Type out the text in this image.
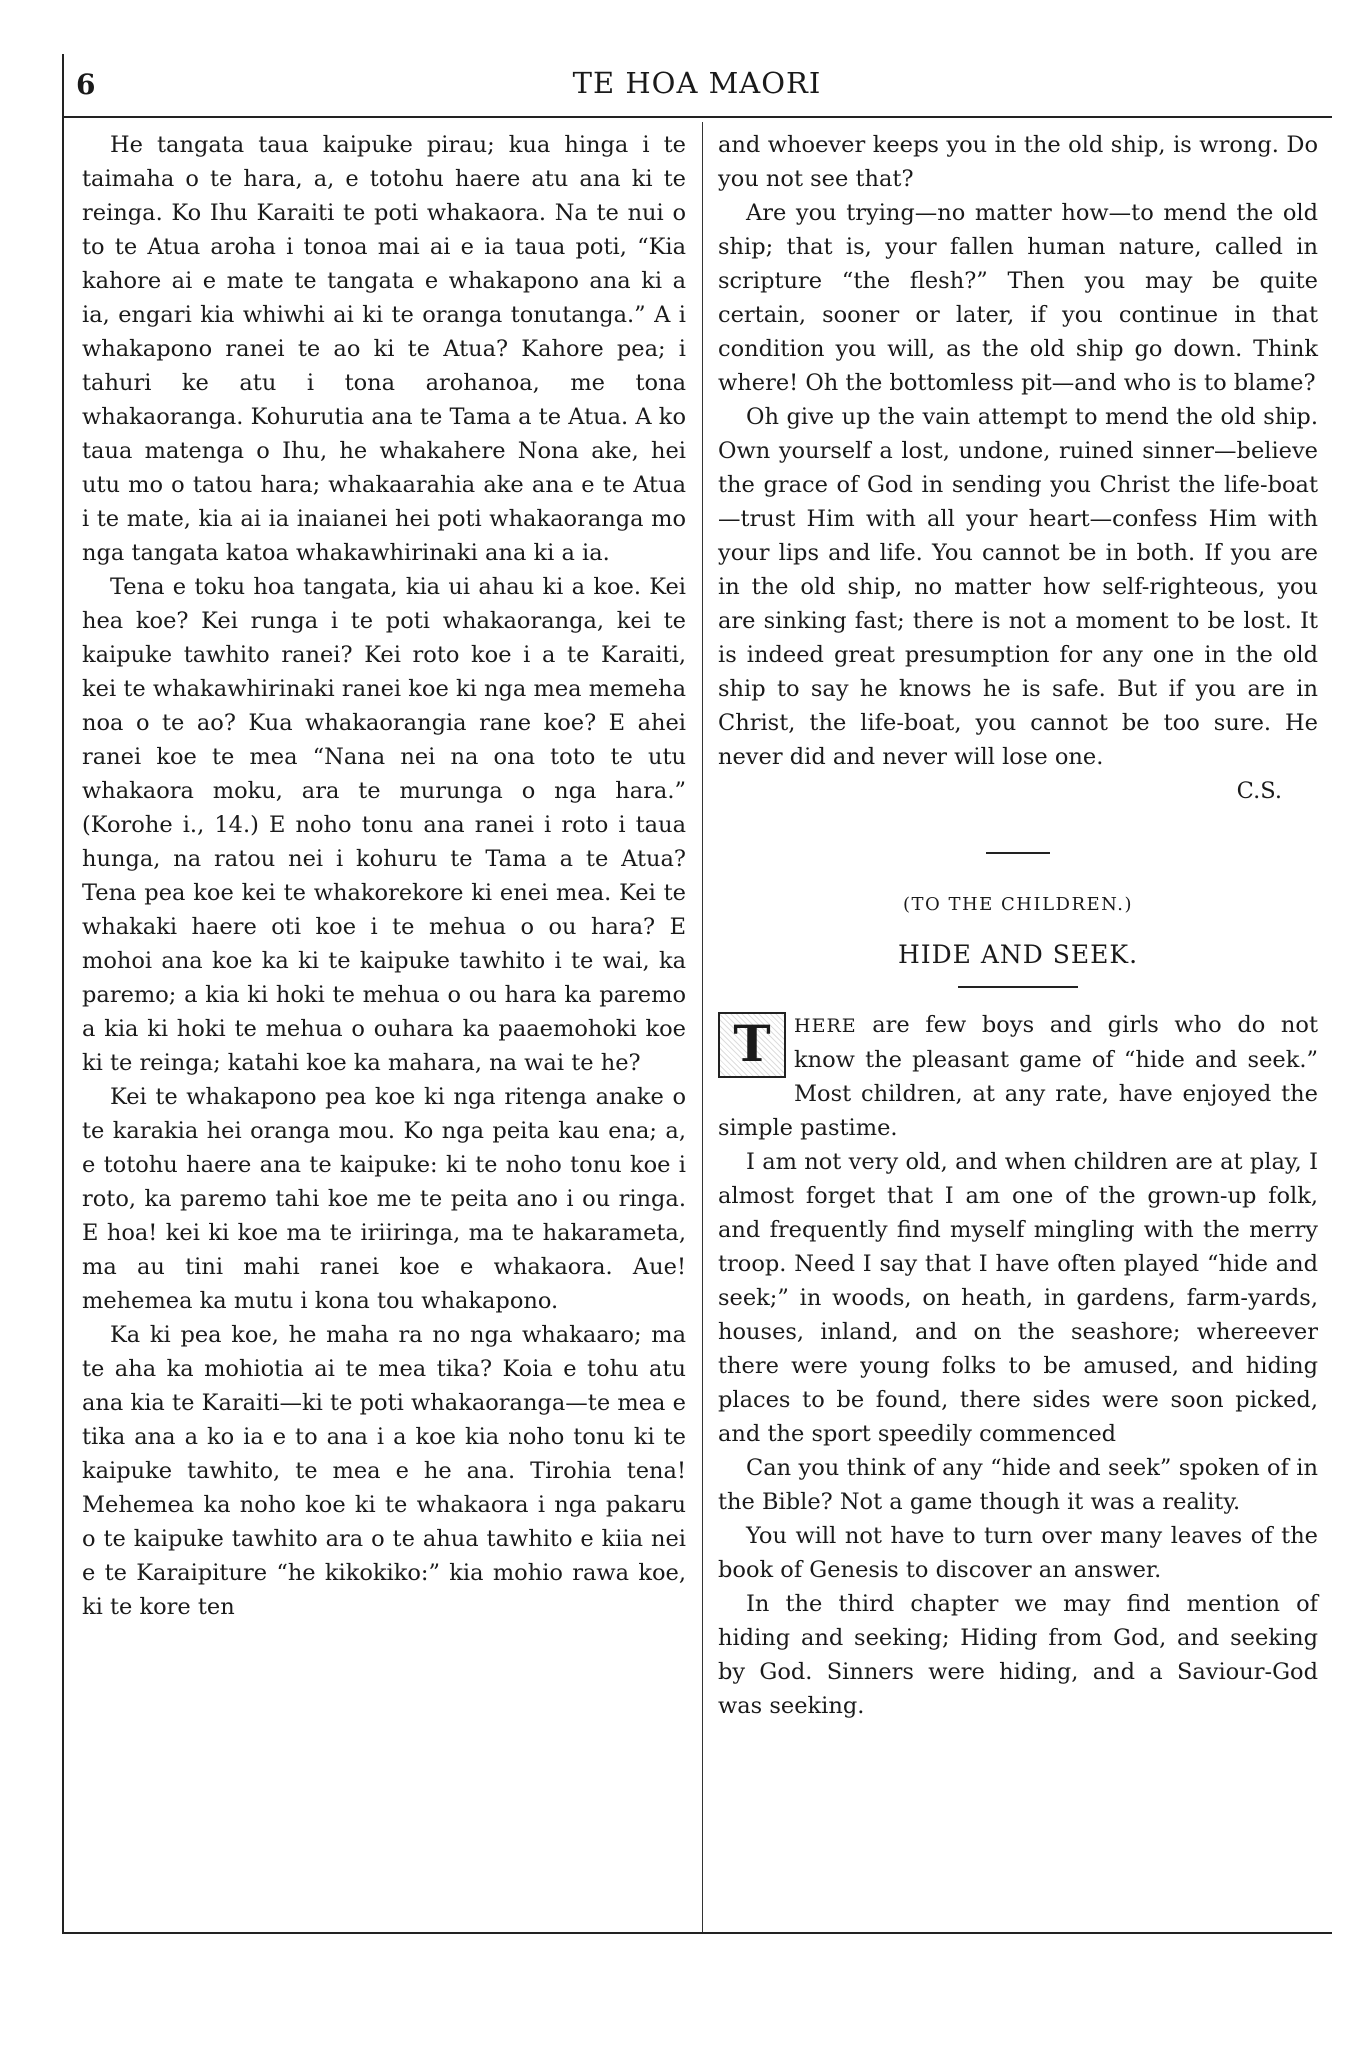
6	TE HOA MAORI

He tangata taua kaipuke pirau; kua hinga i te taimaha o te hara, a, e totohu haere atu ana ki te reinga. Ko Ihu Karaiti te poti whakaora. Na te nui o to te Atua aroha i tonoa mai ai e ia taua poti, “Kia kahore ai e mate te tangata e whakapono ana ki a ia, engari kia whiwhi ai ki te oranga tonutanga.” A i whakapono ranei te ao ki te Atua? Kahore pea; i tahuri ke atu i tona arohanoa, me tona whakaoranga. Kohurutia ana te Tama a te Atua. A ko taua matenga o Ihu, he whakahere Nona ake, hei utu mo o tatou hara; whakaarahia ake ana e te Atua i te mate, kia ai ia inaianei hei poti whakaoranga mo nga tangata katoa whakawhirinaki ana ki a ia.

Tena e toku hoa tangata, kia ui ahau ki a koe. Kei hea koe? Kei runga i te poti whakaoranga, kei te kaipuke tawhito ranei? Kei roto koe i a te Karaiti, kei te whakawhirinaki ranei koe ki nga mea memeha noa o te ao? Kua whakaorangia rane koe? E ahei ranei koe te mea “Nana nei na ona toto te utu whakaora moku, ara te murunga o nga hara.” (Korohe i., 14.) E noho tonu ana ranei i roto i taua hunga, na ratou nei i kohuru te Tama a te Atua? Tena pea koe kei te whakorekore ki enei mea. Kei te whakaki haere oti koe i te mehua o ou hara? E mohoi ana koe ka ki te kaipuke tawhito i te wai, ka paremo; a kia ki hoki te mehua o ou hara ka paremo a kia ki hoki te mehua o ouhara ka paaemohoki koe ki te reinga; katahi koe ka mahara, na wai te he?

Kei te whakapono pea koe ki nga ritenga anake o te karakia hei oranga mou. Ko nga peita kau ena; a, e totohu haere ana te kaipuke: ki te noho tonu koe i roto, ka paremo tahi koe me te peita ano i ou ringa. E hoa! kei ki koe ma te iriiringa, ma te hakarameta, ma au tini mahi ranei koe e whakaora. Aue! mehemea ka mutu i kona tou whakapono.

Ka ki pea koe, he maha ra no nga whakaaro; ma te aha ka mohiotia ai te mea tika? Koia e tohu atu ana kia te Karaiti—ki te poti whakaoranga—te mea e tika ana a ko ia e to ana i a koe kia noho tonu ki te kaipuke tawhito, te mea e he ana. Tirohia tena! Mehemea ka noho koe ki te whakaora i nga pakaru o te kaipuke tawhito ara o te ahua tawhito e kiia nei e te Karaipiture “he kikokiko:” kia mohio rawa koe, ki te kore ten

and whoever keeps you in the old ship, is wrong. Do you not see that?

Are you trying—no matter how—to mend the old ship; that is, your fallen human nature, called in scripture “the flesh?” Then you may be quite certain, sooner or later, if you continue in that condition you will, as the old ship go down. Think where! Oh the bottomless pit—and who is to blame?

Oh give up the vain attempt to mend the old ship. Own yourself a lost, undone, ruined sinner—believe the grace of God in sending you Christ the life-boat—trust Him with all your heart—confess Him with your lips and life. You cannot be in both. If you are in the old ship, no matter how self-righteous, you are sinking fast; there is not a moment to be lost. It is indeed great presumption for any one in the old ship to say he knows he is safe. But if you are in Christ, the life-boat, you cannot be too sure. He never did and never will lose one.

C.S.

(TO THE CHILDREN.)

HIDE AND SEEK.

T	HERE are few boys and girls who do not know the pleasant game of “hide and seek.” Most children, at any rate, have enjoyed the simple pastime.

I am not very old, and when children are at play, I almost forget that I am one of the grown-up folk, and frequently find myself mingling with the merry troop. Need I say that I have often played “hide and seek;” in woods, on heath, in gardens, farm-yards, houses, inland, and on the seashore; whereever there were young folks to be amused, and hiding places to be found, there sides were soon picked, and the sport speedily commenced

Can you think of any “hide and seek” spoken of in the Bible? Not a game though it was a reality.

You will not have to turn over many leaves of the book of Genesis to discover an answer.

In the third chapter we may find mention of hiding and seeking; Hiding from God, and seeking by God. Sinners were hiding, and a Saviour-God was seeking.
